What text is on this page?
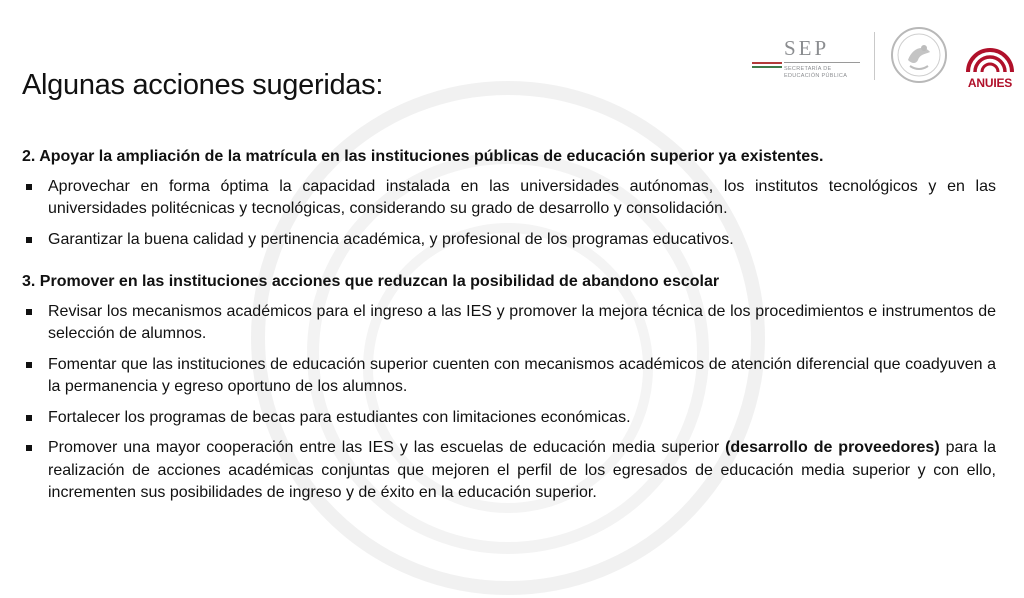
Algunas acciones sugeridas:
SEP
SECRETARÍA DE
EDUCACIÓN PÚBLICA	ANUIES

2. Apoyar la ampliación de la matrícula en las instituciones públicas de educación superior ya existentes.

Aprovechar en forma óptima la capacidad instalada en las universidades autónomas, los institutos tecnológicos y en las universidades politécnicas y tecnológicas, considerando su grado de desarrollo y consolidación.
Garantizar la buena calidad y pertinencia académica, y profesional de los programas educativos.

3. Promover en las instituciones acciones que reduzcan la posibilidad de abandono escolar

Revisar los mecanismos académicos para el ingreso a las IES y promover la mejora técnica de los procedimientos e instrumentos de selección de alumnos.
Fomentar que las instituciones de educación superior cuenten con mecanismos académicos de atención diferencial que coadyuven a la permanencia y egreso oportuno de los alumnos.
Fortalecer los programas de becas para estudiantes con limitaciones económicas.
Promover una mayor cooperación entre las IES y las escuelas de educación media superior (desarrollo de proveedores) para la realización de acciones académicas conjuntas que mejoren el perfil de los egresados de educación media superior y con ello, incrementen sus posibilidades de ingreso y de éxito en la educación superior.
